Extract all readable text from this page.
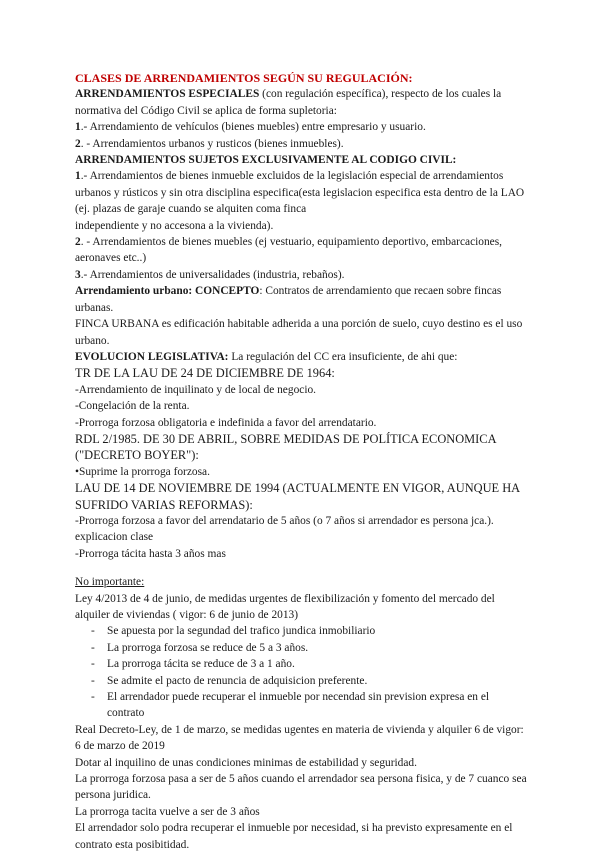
CLASES DE ARRENDAMIENTOS SEGÚN SU REGULACIÓN:

ARRENDAMIENTOS ESPECIALES (con regulación específica), respecto de los cuales la normativa del Código Civil se aplica de forma supletoria:

1.- Arrendamiento de vehículos (bienes muebles) entre empresario y usuario.

2. - Arrendamientos urbanos y rusticos (bienes inmuebles).

ARRENDAMIENTOS SUJETOS EXCLUSIVAMENTE AL CODIGO CIVIL:

1.- Arrendamientos de bienes inmueble excluidos de la legislación especial de arrendamientos urbanos y rústicos y sin otra disciplina especifica(esta legislacion especifica esta dentro de la LAO (ej. plazas de garaje cuando se alquiten coma finca

independiente y no accesona a la vivienda).

2. - Arrendamientos de bienes muebles (ej vestuario, equipamiento deportivo, embarcaciones, aeronaves etc..)

3.- Arrendamientos de universalidades (industria, rebaños).

Arrendamiento urbano: CONCEPTO: Contratos de arrendamiento que recaen sobre fincas urbanas.

FINCA URBANA es edificación habitable adherida a una porción de suelo, cuyo destino es el uso urbano.

EVOLUCION LEGISLATIVA: La regulación del CC era insuficiente, de ahi que:

TR DE LA LAU DE 24 DE DICIEMBRE DE 1964:

-Arrendamiento de inquilinato y de local de negocio.

-Congelación de la renta.

-Prorroga forzosa obligatoria e indefinida a favor del arrendatario.

RDL 2/1985. DE 30 DE ABRIL, SOBRE MEDIDAS DE POLÍTICA ECONOMICA ("DECRETO BOYER"):

•Suprime la prorroga forzosa.

LAU DE 14 DE NOVIEMBRE DE 1994 (ACTUALMENTE EN VIGOR, AUNQUE HA SUFRIDO VARIAS REFORMAS):

-Prorroga forzosa a favor del arrendatario de 5 años (o 7 años si arrendador es persona jca.).

explicacion clase

-Prorroga tácita hasta 3 años mas

No importante:

Ley 4/2013 de 4 de junio, de medidas urgentes de flexibilización y fomento del mercado del alquiler de viviendas ( vigor: 6 de junio de 2013)

- Se apuesta por la segundad del trafico jundica inmobiliario
- La prorroga forzosa se reduce de 5 a 3 años.
- La prorroga tácita se reduce de 3 a 1 año.
- Se admite el pacto de renuncia de adquisicion preferente.
- El arrendador puede recuperar el inmueble por necendad sin prevision expresa en el contrato

Real Decreto-Ley, de 1 de marzo, se medidas ugentes en materia de vivienda y alquiler 6 de vigor: 6 de marzo de 2019

Dotar al inquilino de unas condiciones minimas de estabilidad y seguridad.

La prorroga forzosa pasa a ser de 5 años cuando el arrendador sea persona fisica, y de 7 cuanco sea persona juridica.

La prorroga tacita vuelve a ser de 3 años

El arrendador solo podra recuperar el inmueble por necesidad, si ha previsto expresamente en el contrato esta posibitidad.
